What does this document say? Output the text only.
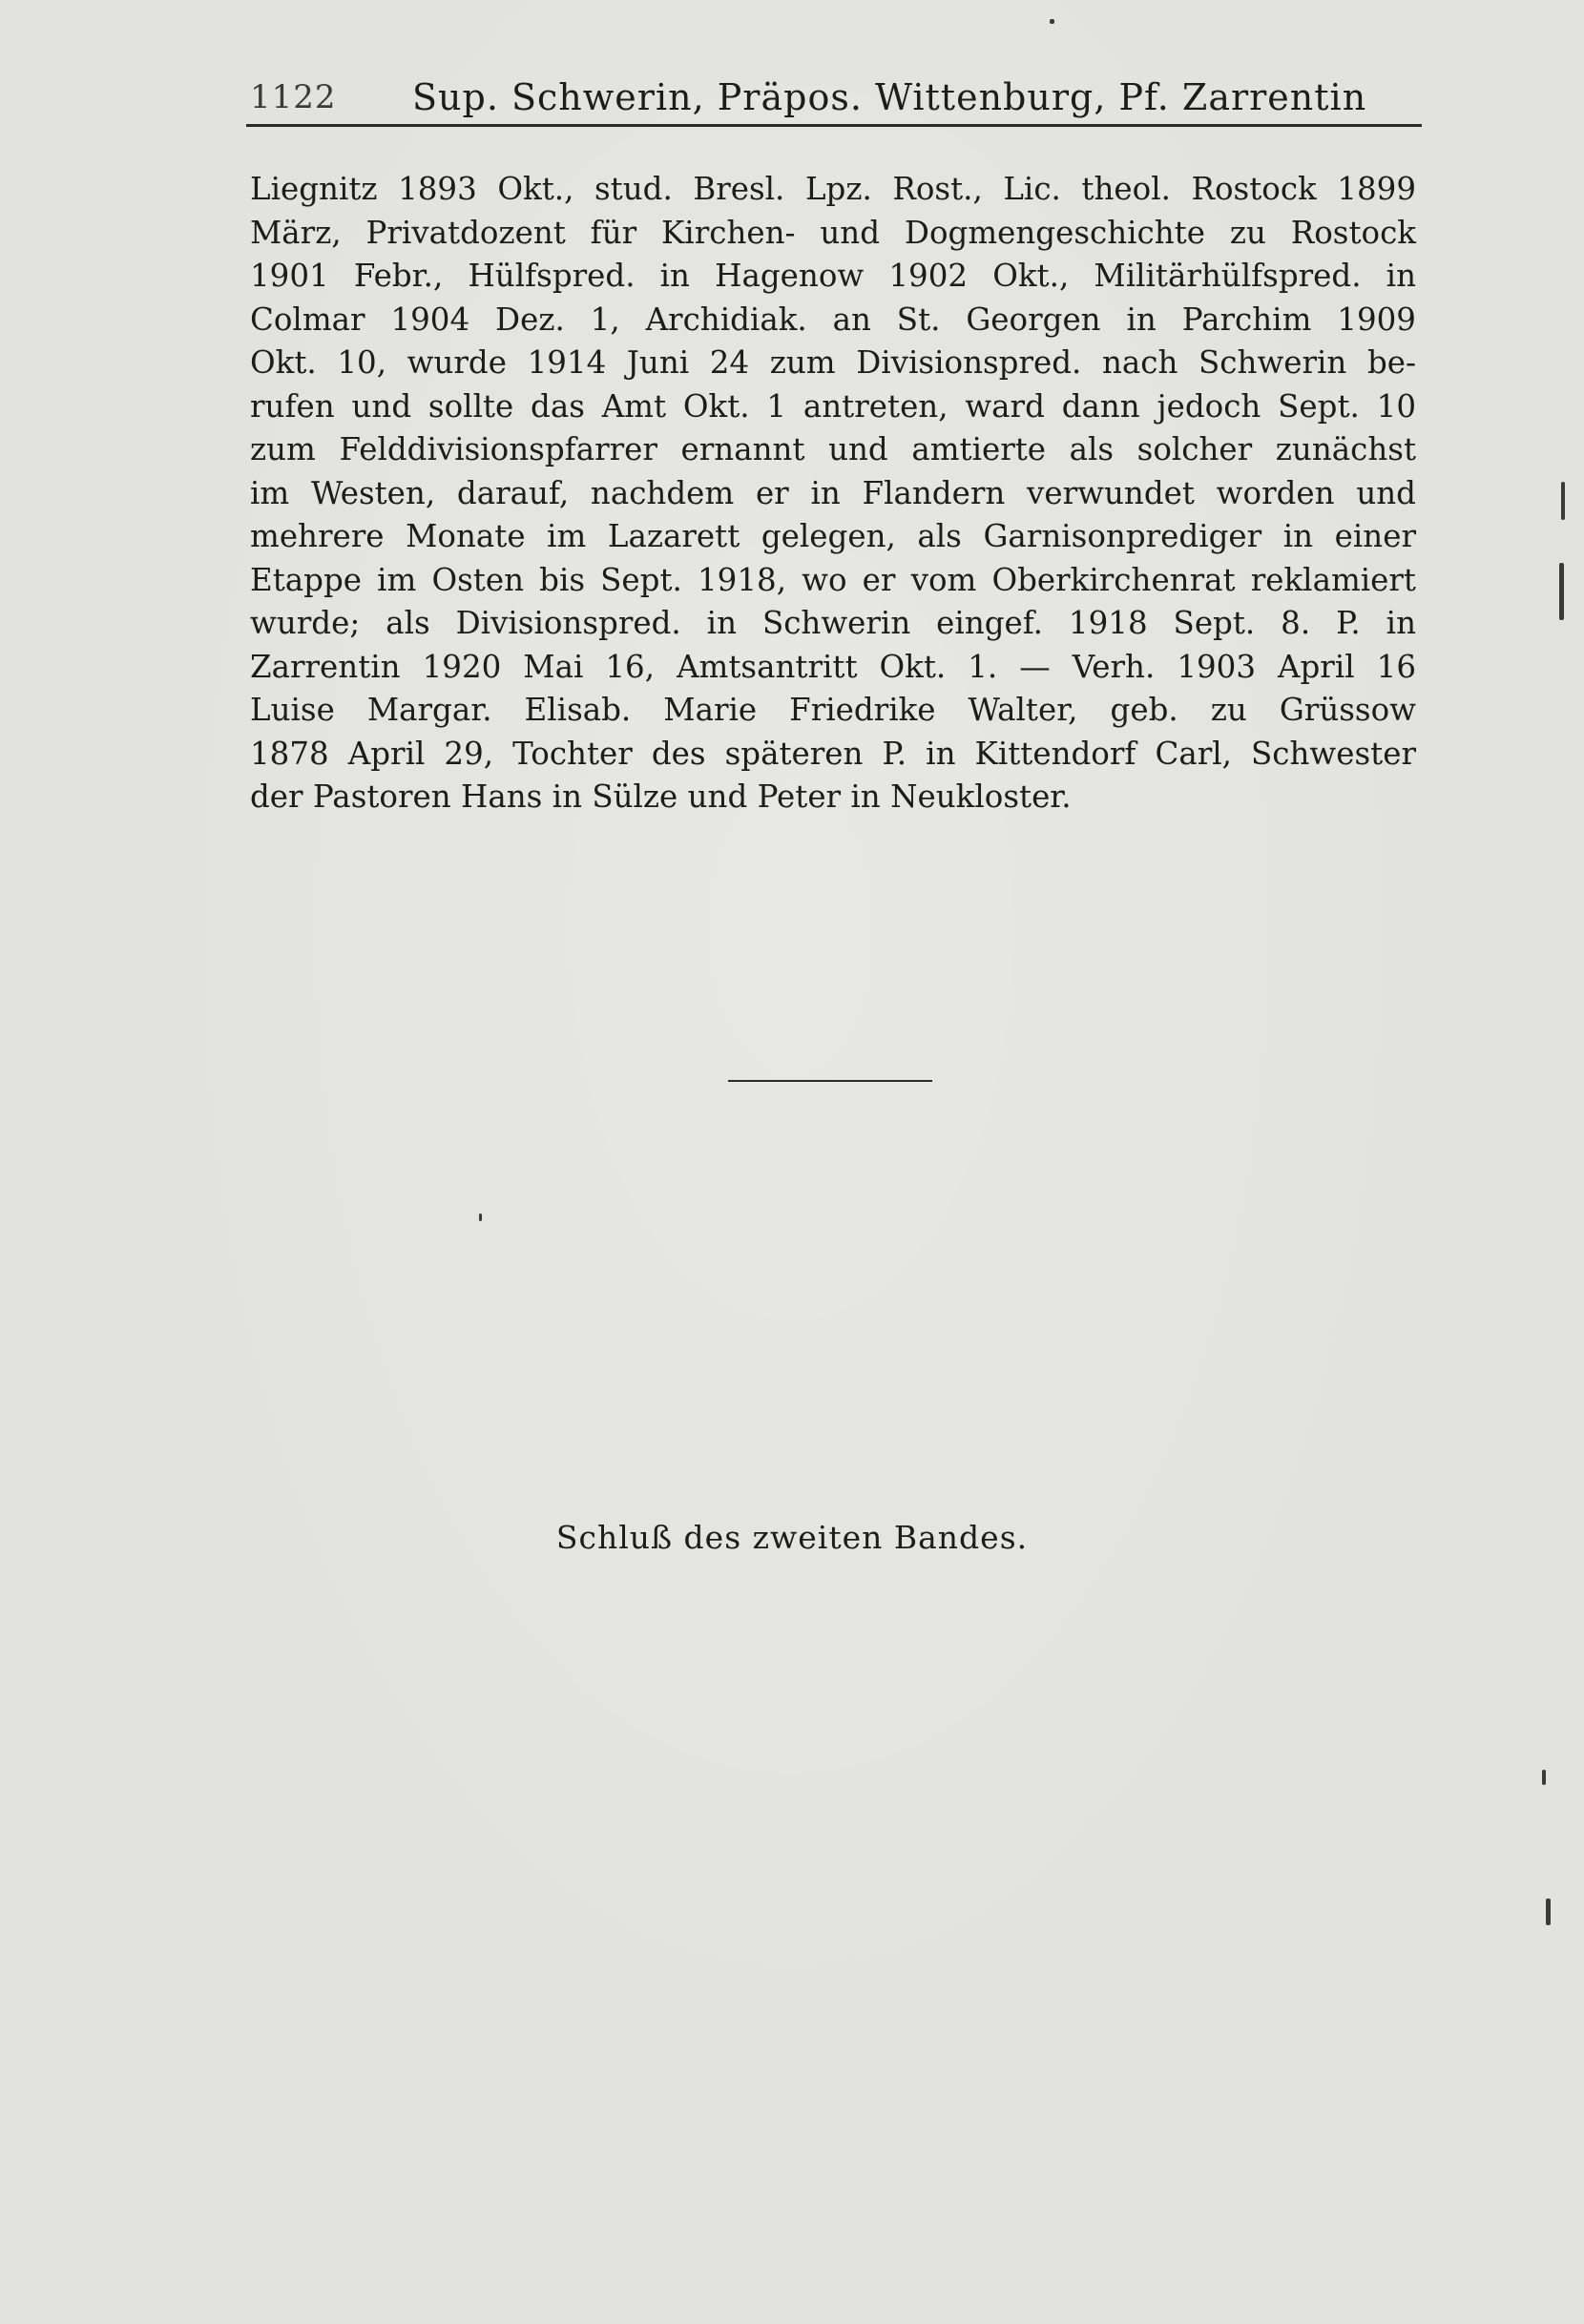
1122 Sup. Schwerin, Präpos. Wittenburg, Pf. Zarrentin
Liegnitz 1893 Okt., stud. Bresl. Lpz. Rost., Lic. theol. Rostock 1899
März, Privatdozent für Kirchen- und Dogmengeschichte zu Rostock
1901 Febr., Hülfspred. in Hagenow 1902 Okt., Militärhülfspred. in
Colmar 1904 Dez. 1, Archidiak. an St. Georgen in Parchim 1909
Okt. 10, wurde 1914 Juni 24 zum Divisionspred. nach Schwerin be-
rufen und sollte das Amt Okt. 1 antreten, ward dann jedoch Sept. 10
zum Felddivisionspfarrer ernannt und amtierte als solcher zunächst
im Westen, darauf, nachdem er in Flandern verwundet worden und
mehrere Monate im Lazarett gelegen, als Garnisonprediger in einer
Etappe im Osten bis Sept. 1918, wo er vom Oberkirchenrat reklamiert
wurde; als Divisionspred. in Schwerin eingef. 1918 Sept. 8. P. in
Zarrentin 1920 Mai 16, Amtsantritt Okt. 1. — Verh. 1903 April 16
Luise Margar. Elisab. Marie Friedrike Walter, geb. zu Grüssow
1878 April 29, Tochter des späteren P. in Kittendorf Carl, Schwester
der Pastoren Hans in Sülze und Peter in Neukloster.
Schluß des zweiten Bandes.
